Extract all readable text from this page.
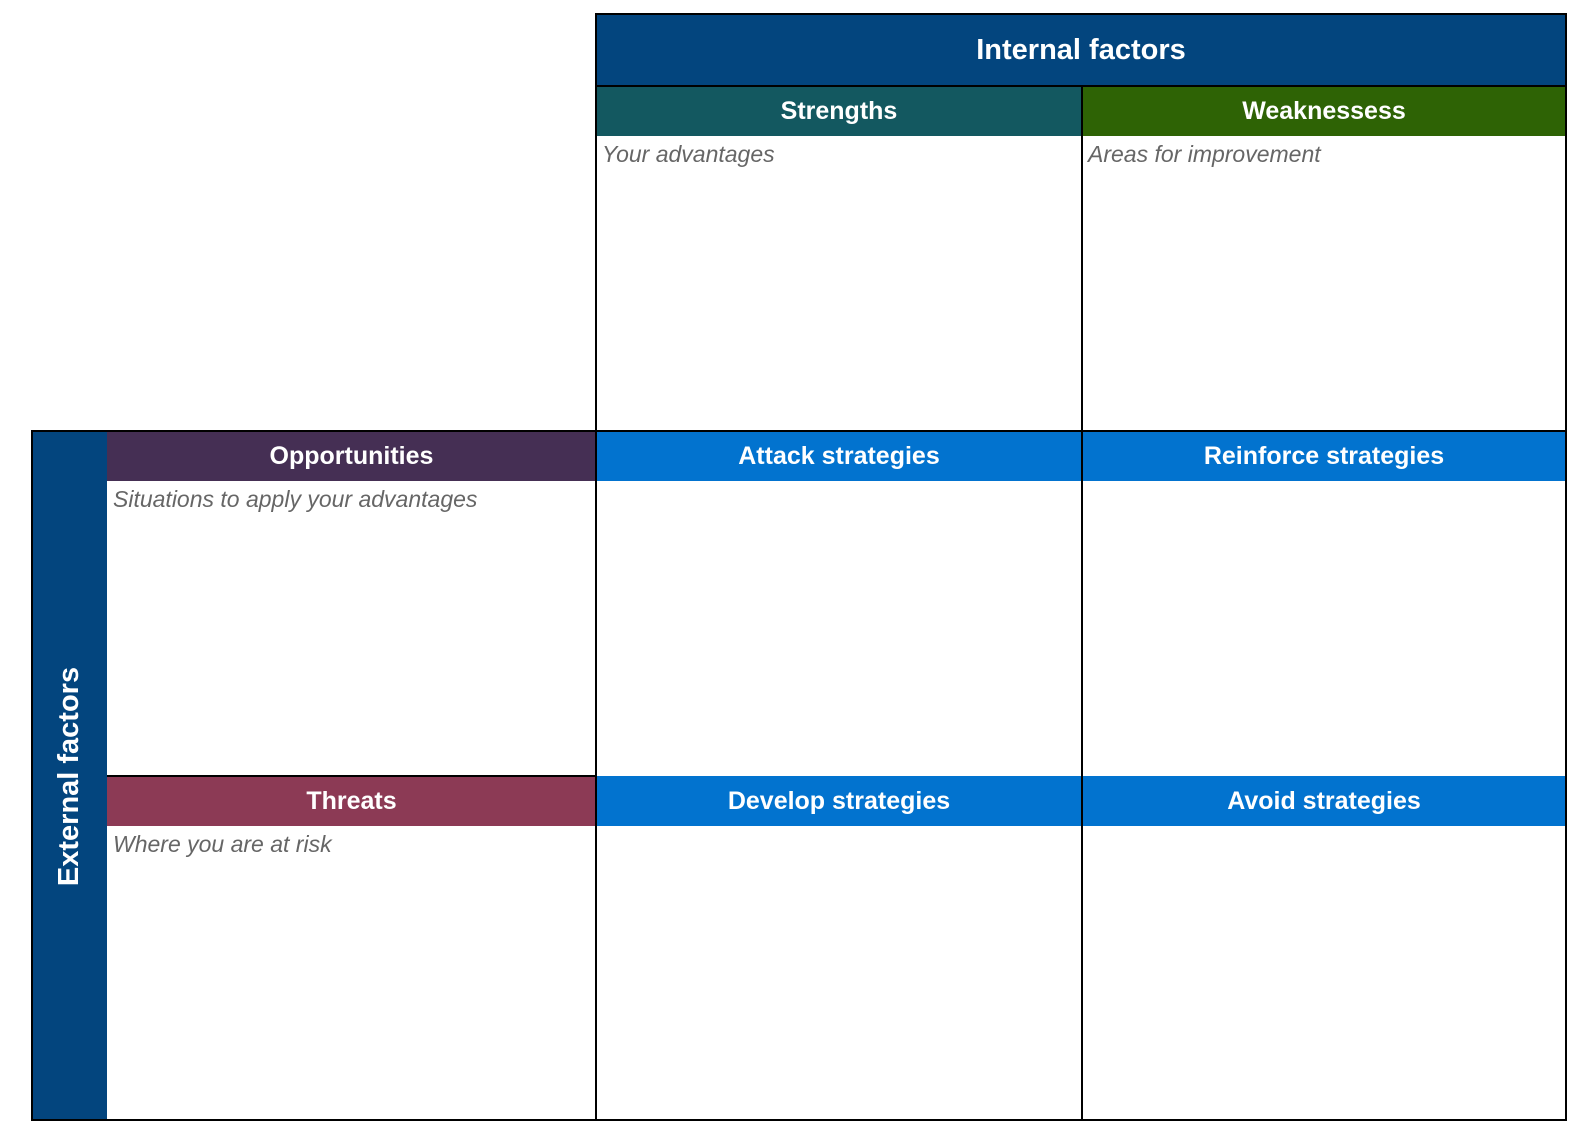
Internal factors
Strengths	Weaknessess
Your advantages	Areas for improvement
External factors
Opportunities	Attack strategies	Reinforce strategies
Situations to apply your advantages
Threats	Develop strategies	Avoid strategies
Where you are at risk
